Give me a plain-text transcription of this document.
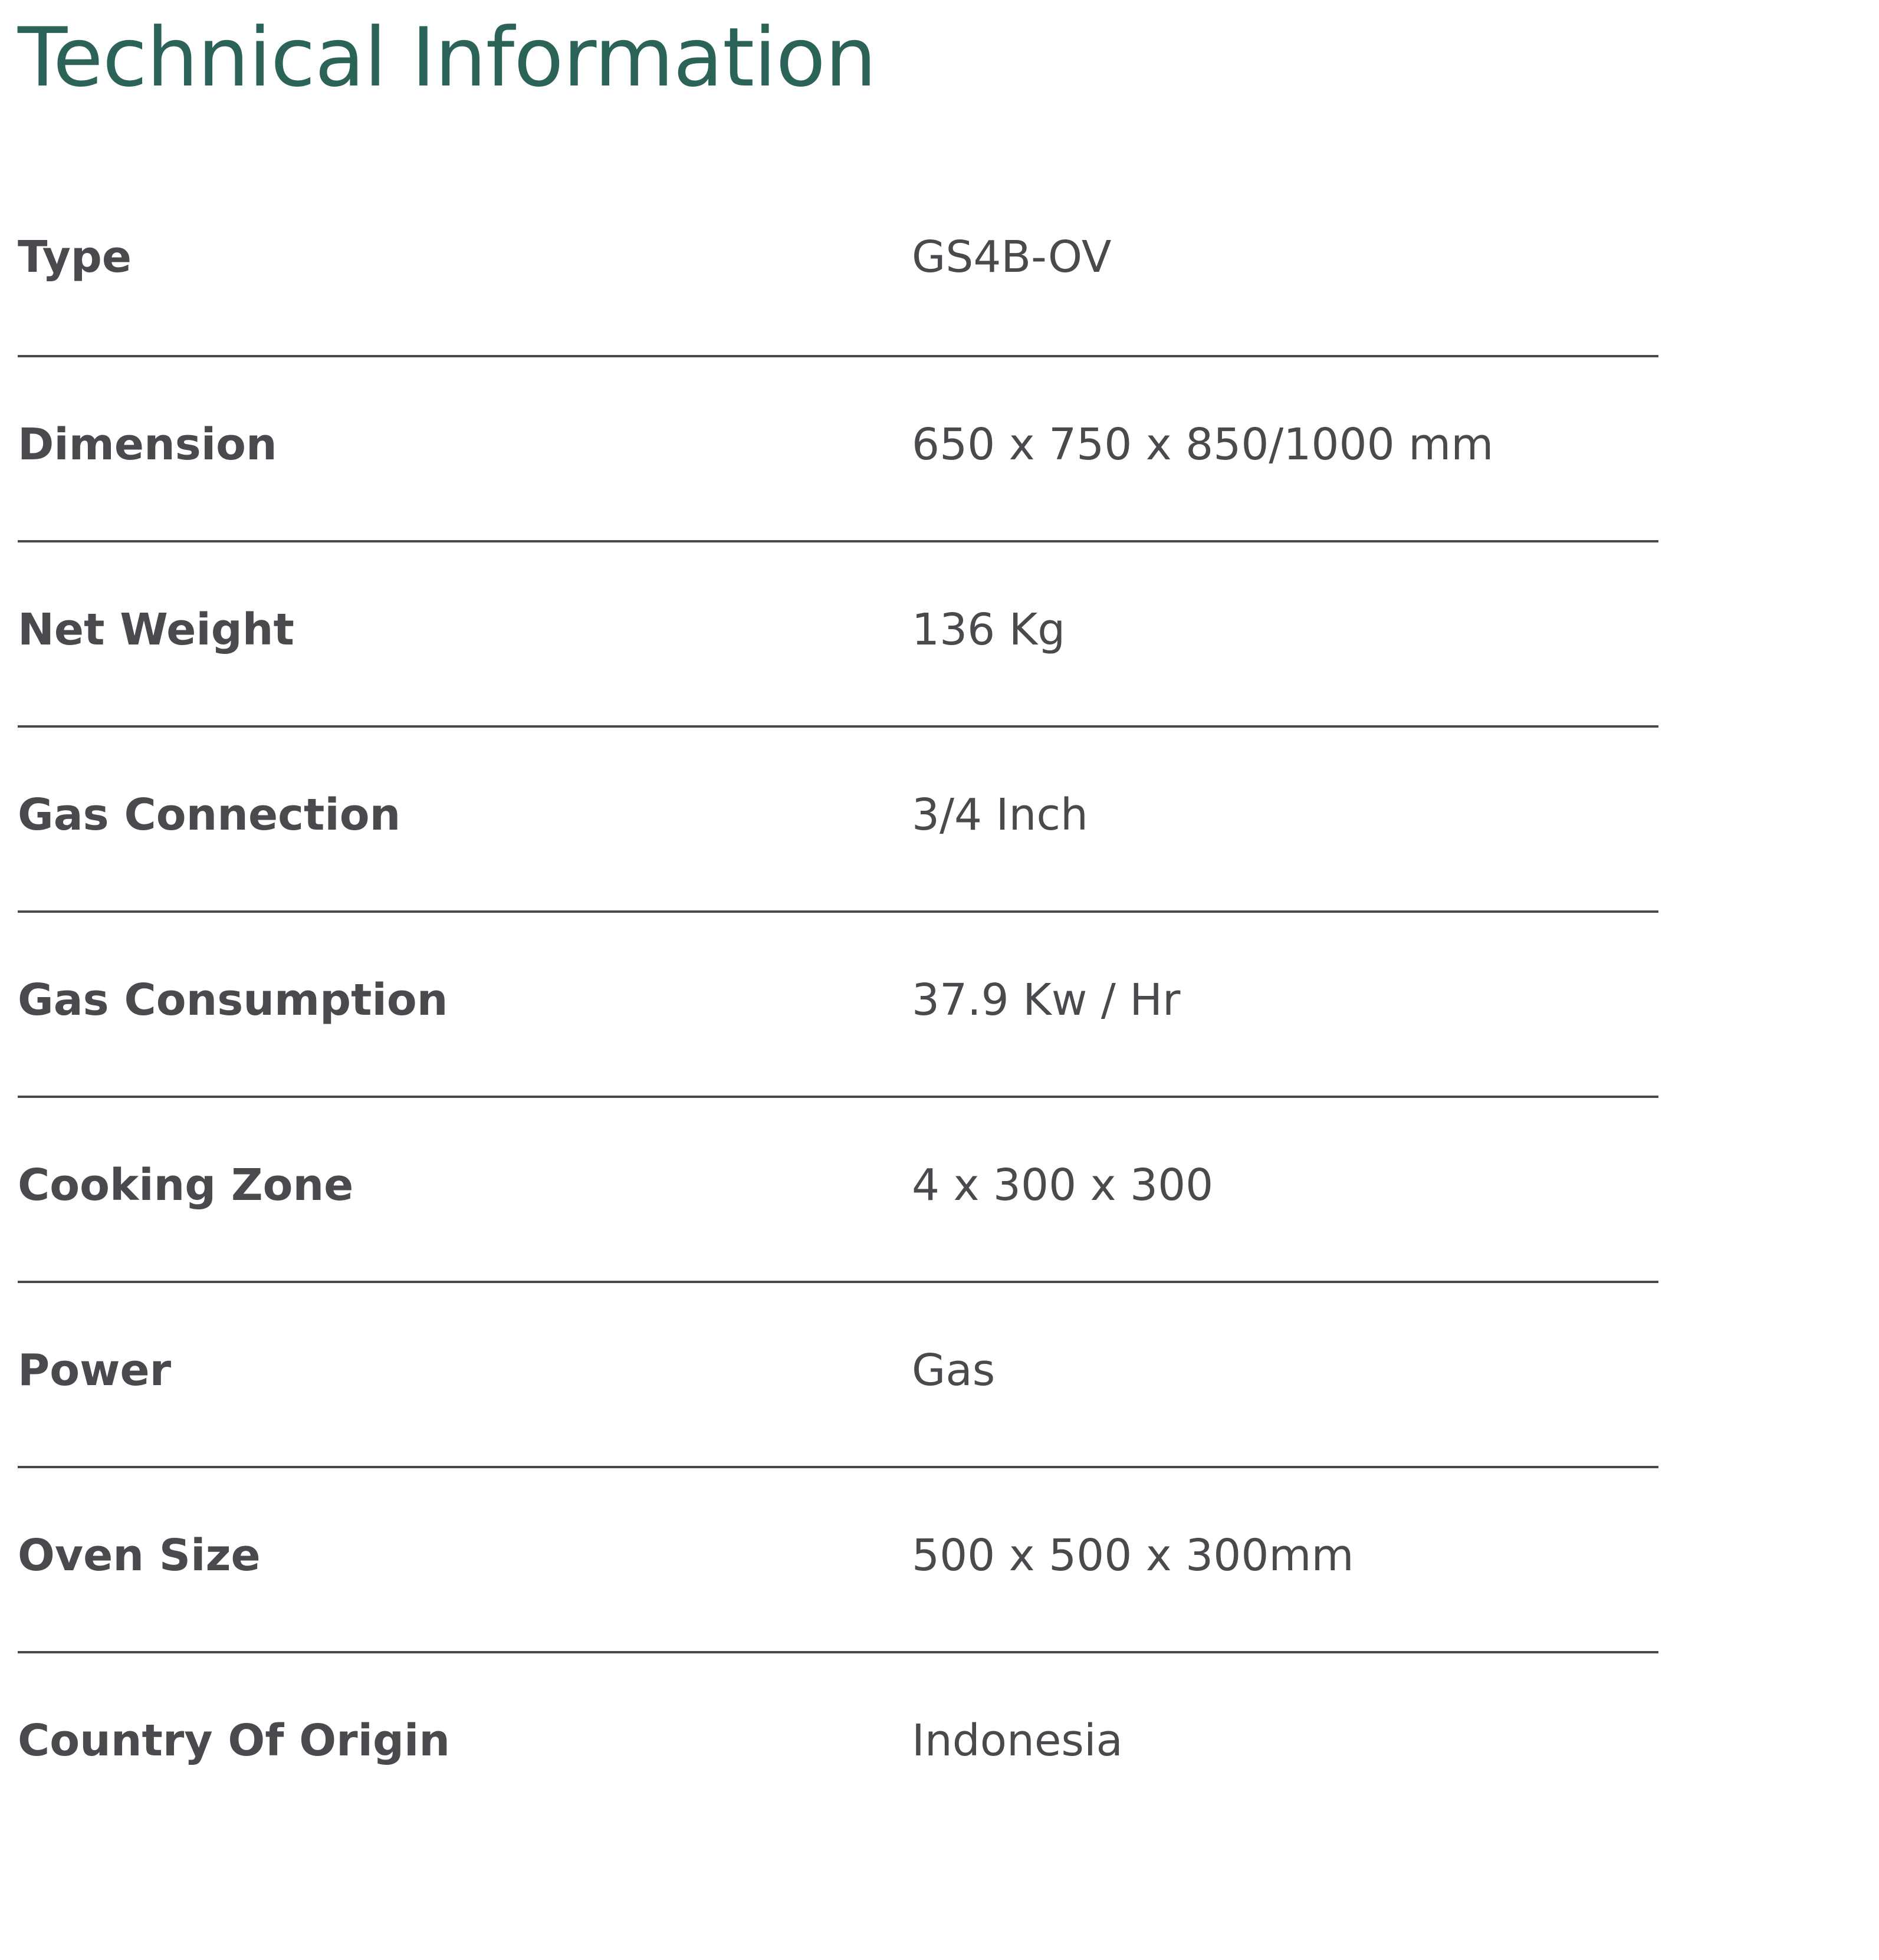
Technical Information
Type	GS4B-OV
Dimension	650 x 750 x 850/1000 mm
Net Weight	136 Kg
Gas Connection	3/4 Inch
Gas Consumption	37.9 Kw / Hr
Cooking Zone	4 x 300 x 300
Power	Gas
Oven Size	500 x 500 x 300mm
Country Of Origin	Indonesia
